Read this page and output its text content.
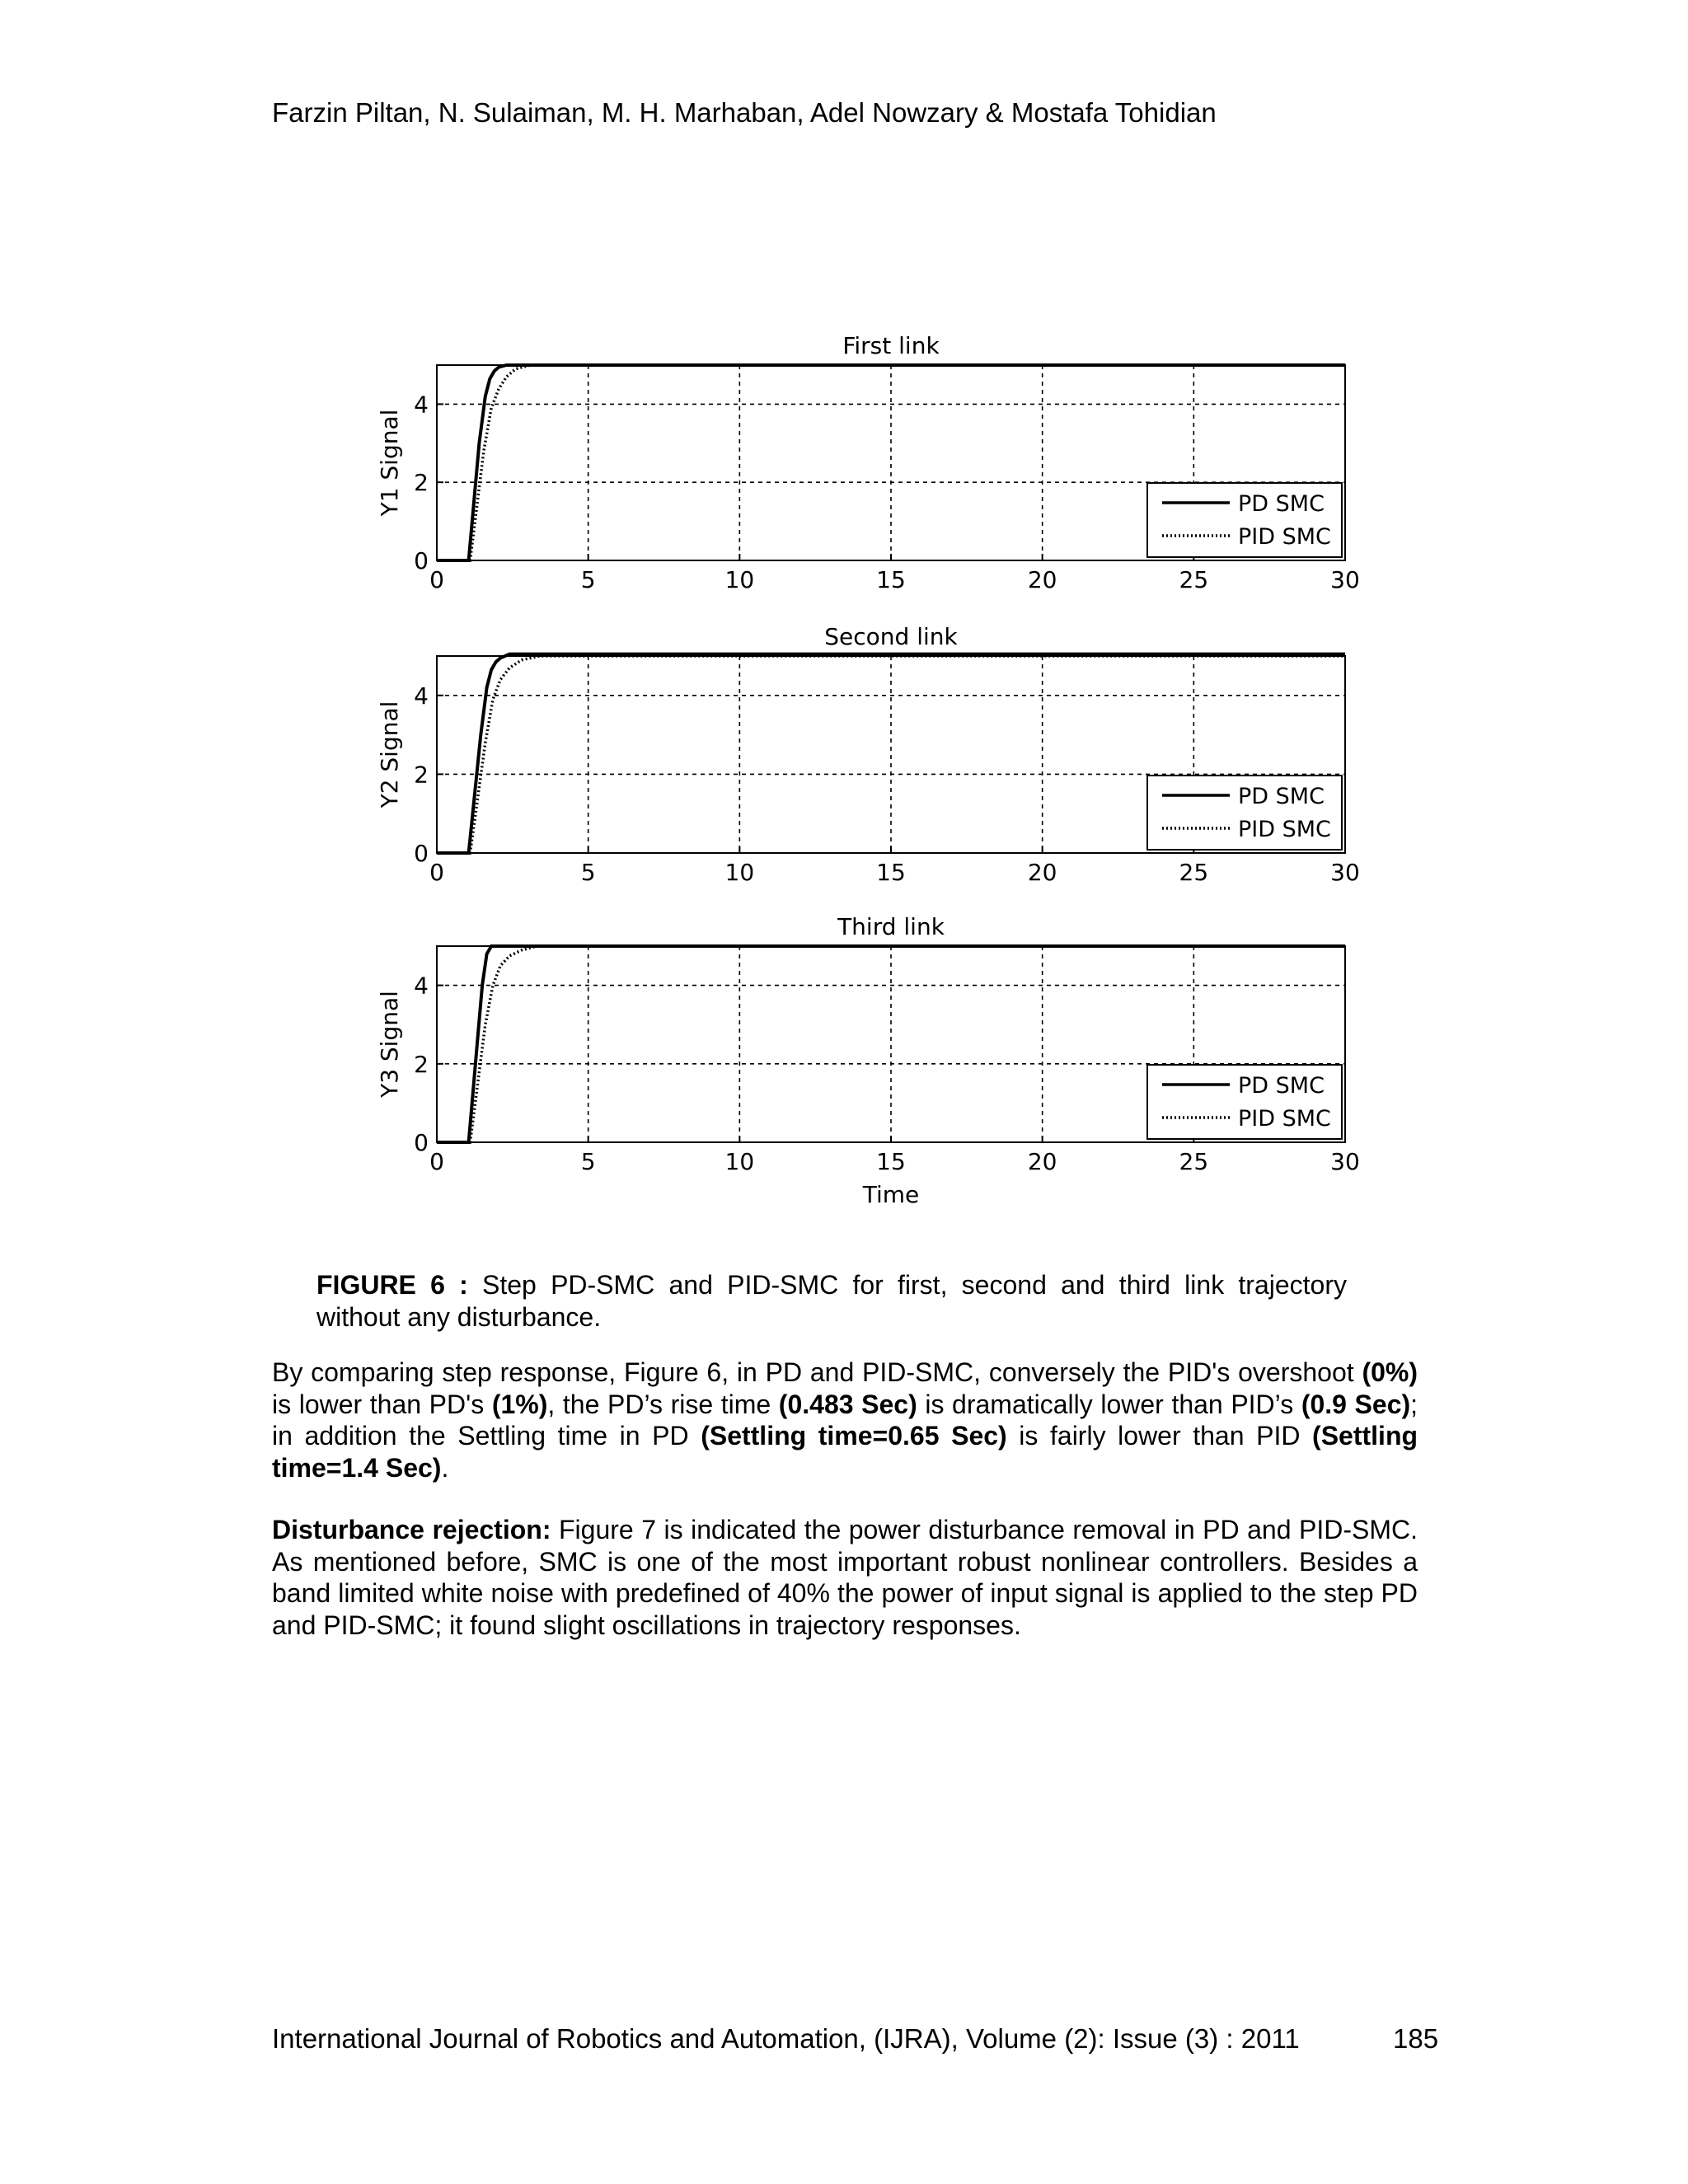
Farzin Piltan, N. Sulaiman, M. H. Marhaban, Adel Nowzary & Mostafa Tohidian
0	5	10	15	20	25	30
0
2
4
First link
Y1 Signal	PD SMC
PID SMC
0	5	10	15	20	25	30
0
2
4
Second link
Y2 Signal	PD SMC
PID SMC
0	5	10	15	20	25	30
0
2
4
Third link
Y3 Signal
Time
PD SMC
PID SMC
FIGURE 6 : Step PD-SMC and PID-SMC for first, second and third link trajectory without any disturbance.
By comparing step response, Figure 6, in PD and PID-SMC, conversely the PID's overshoot (0%) is lower than PD's (1%), the PD’s rise time (0.483 Sec) is dramatically lower than PID’s (0.9 Sec); in addition the Settling time in PD (Settling time=0.65 Sec) is fairly lower than PID (Settling time=1.4 Sec).
Disturbance rejection: Figure 7 is indicated the power disturbance removal in PD and PID-SMC. As mentioned before, SMC is one of the most important robust nonlinear controllers. Besides a band limited white noise with predefined of 40% the power of input signal is applied to the step PD and PID-SMC; it found slight oscillations in trajectory responses.
International Journal of Robotics and Automation, (IJRA), Volume (2): Issue (3) : 2011	185
